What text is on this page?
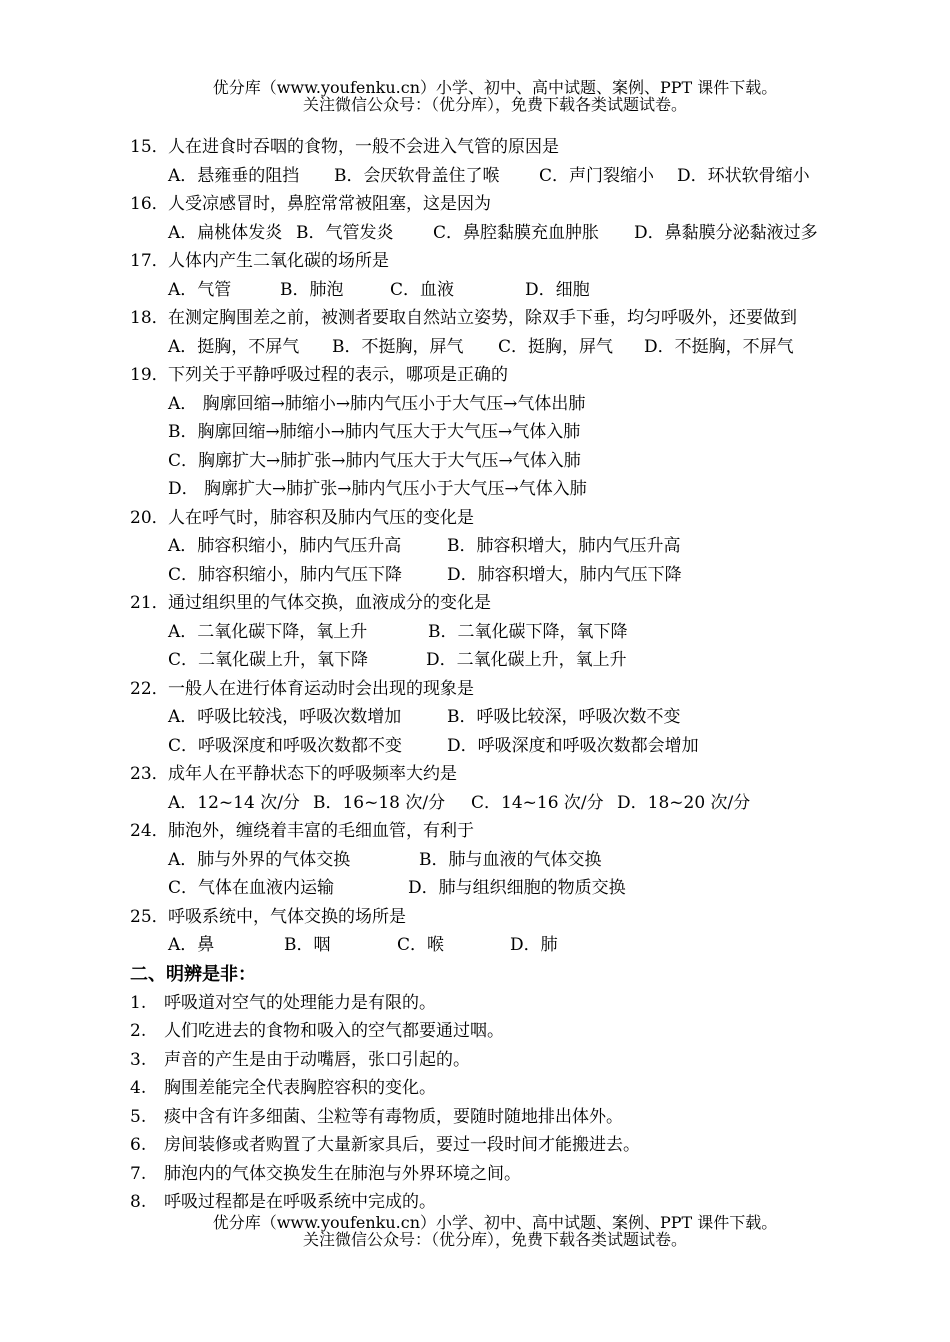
优分库（www.youfenku.cn）小学、初中、高中试题、案例、PPT 课件下载。
关注微信公众号：（优分库），免费下载各类试题试卷。
15．人在进食时吞咽的食物，一般不会进入气管的原因是
A．悬雍垂的阻挡 B．会厌软骨盖住了喉 C．声门裂缩小 D．环状软骨缩小
16．人受凉感冒时，鼻腔常常被阻塞，这是因为
A．扁桃体发炎 B．气管发炎 C．鼻腔黏膜充血肿胀 D．鼻黏膜分泌黏液过多
17．人体内产生二氧化碳的场所是
A．气管	B．肺泡	C．血液	D．细胞
18．在测定胸围差之前，被测者要取自然站立姿势，除双手下垂，均匀呼吸外，还要做到
A．挺胸，不屏气 B．不挺胸，屏气 C．挺胸，屏气 D．不挺胸，不屏气
19．下列关于平静呼吸过程的表示，哪项是正确的
A． 胸廓回缩→肺缩小→肺内气压小于大气压→气体出肺
B．胸廓回缩→肺缩小→肺内气压大于大气压→气体入肺
C．胸廓扩大→肺扩张→肺内气压大于大气压→气体入肺
D． 胸廓扩大→肺扩张→肺内气压小于大气压→气体入肺
20．人在呼气时，肺容积及肺内气压的变化是
A．肺容积缩小，肺内气压升高	B．肺容积增大，肺内气压升高
C．肺容积缩小，肺内气压下降	D．肺容积增大，肺内气压下降
21．通过组织里的气体交换，血液成分的变化是
A．二氧化碳下降，氧上升	B．二氧化碳下降，氧下降
C．二氧化碳上升，氧下降	D．二氧化碳上升，氧上升
22．一般人在进行体育运动时会出现的现象是
A．呼吸比较浅，呼吸次数增加	B．呼吸比较深，呼吸次数不变
C．呼吸深度和呼吸次数都不变	D．呼吸深度和呼吸次数都会增加
23．成年人在平静状态下的呼吸频率大约是
A．12~14 次/分 B．16~18 次/分 C．14~16 次/分 D．18~20 次/分
24．肺泡外，缠绕着丰富的毛细血管，有利于
A．肺与外界的气体交换	B．肺与血液的气体交换
C．气体在血液内运输	D．肺与组织细胞的物质交换
25．呼吸系统中，气体交换的场所是
A．鼻	B．咽	C．喉	D．肺
二、明辨是非：
1. 呼吸道对空气的处理能力是有限的。
2. 人们吃进去的食物和吸入的空气都要通过咽。
3. 声音的产生是由于动嘴唇，张口引起的。
4. 胸围差能完全代表胸腔容积的变化。
5. 痰中含有许多细菌、尘粒等有毒物质，要随时随地排出体外。
6. 房间装修或者购置了大量新家具后，要过一段时间才能搬进去。
7. 肺泡内的气体交换发生在肺泡与外界环境之间。
8. 呼吸过程都是在呼吸系统中完成的。
优分库（www.youfenku.cn）小学、初中、高中试题、案例、PPT 课件下载。
关注微信公众号：（优分库），免费下载各类试题试卷。
